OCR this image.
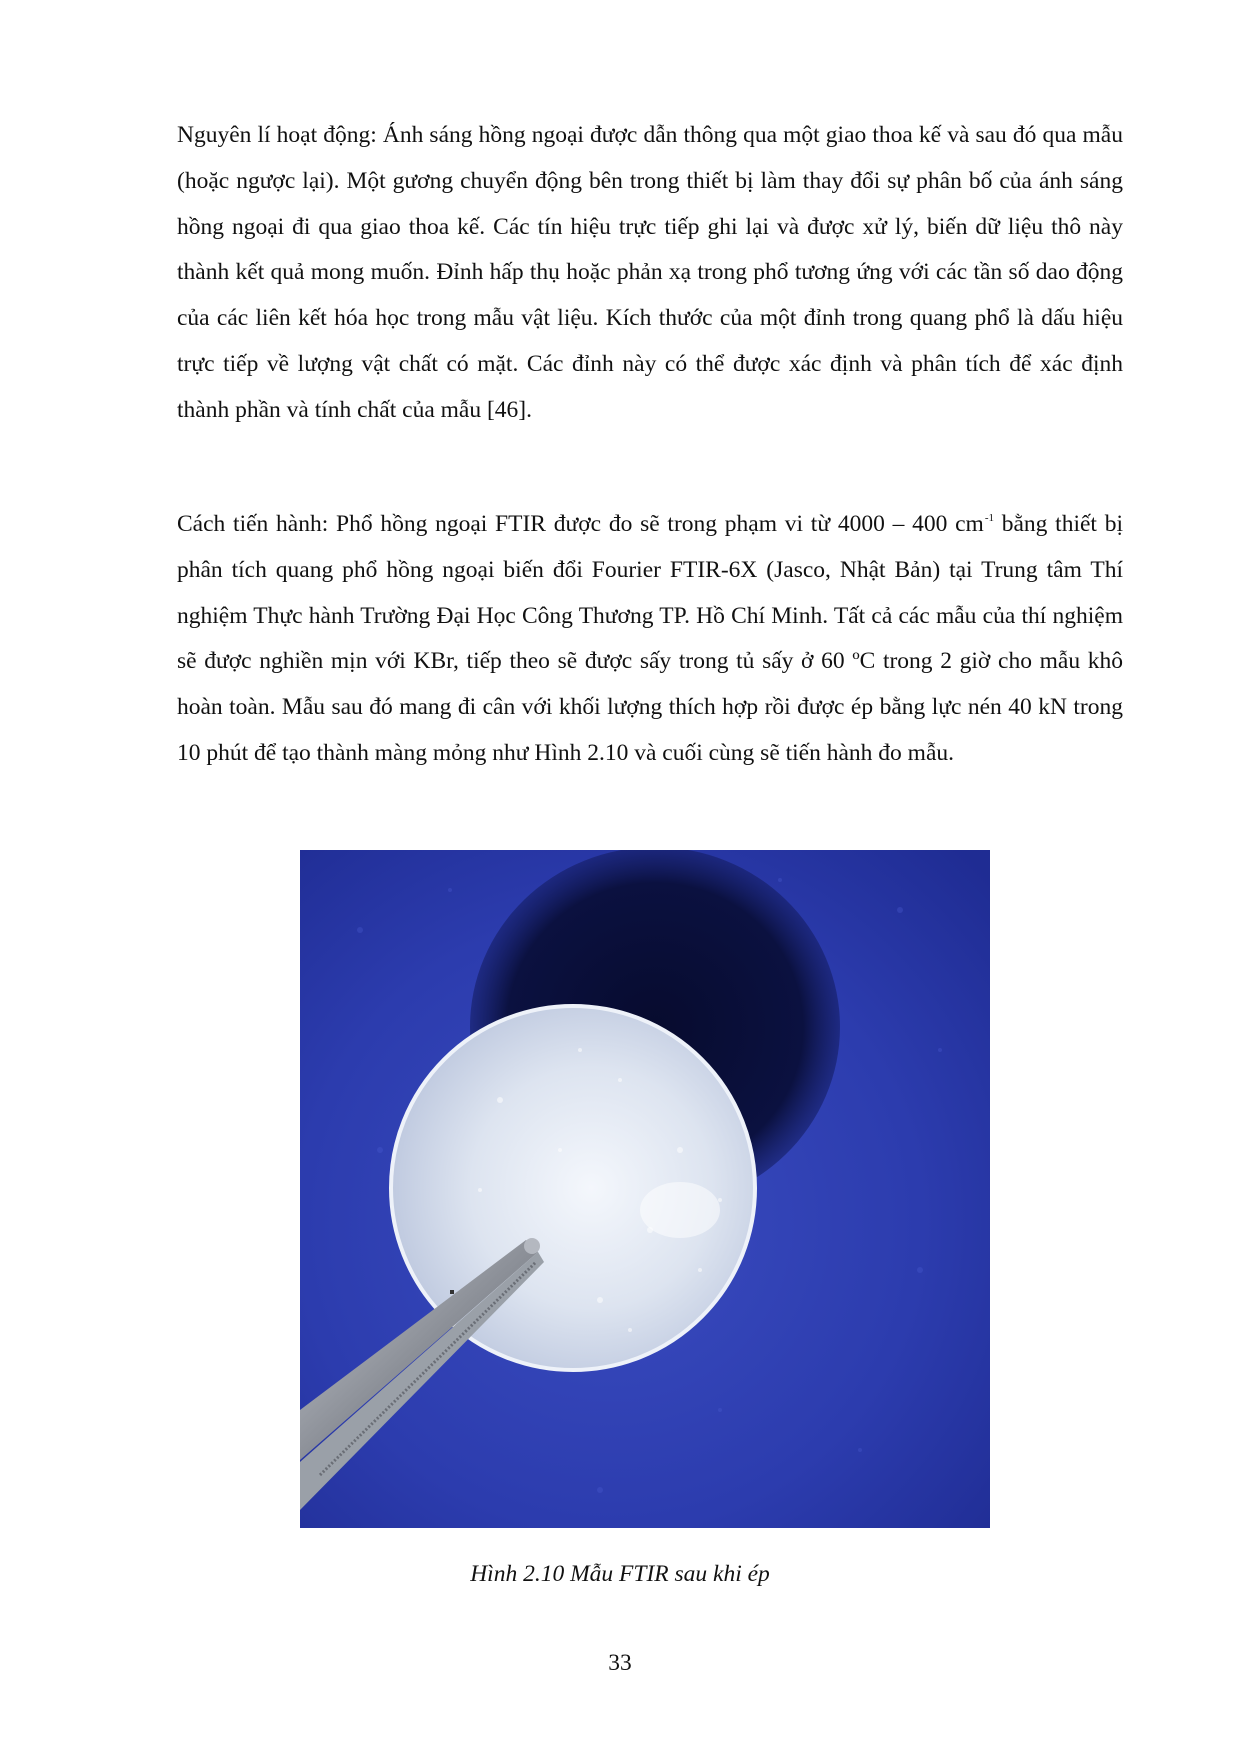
Nguyên lí hoạt động: Ánh sáng hồng ngoại được dẫn thông qua một giao thoa kế và sau đó qua mẫu (hoặc ngược lại). Một gương chuyển động bên trong thiết bị làm thay đổi sự phân bố của ánh sáng hồng ngoại đi qua giao thoa kế. Các tín hiệu trực tiếp ghi lại và được xử lý, biến dữ liệu thô này thành kết quả mong muốn. Đỉnh hấp thụ hoặc phản xạ trong phổ tương ứng với các tần số dao động của các liên kết hóa học trong mẫu vật liệu. Kích thước của một đỉnh trong quang phổ là dấu hiệu trực tiếp về lượng vật chất có mặt. Các đỉnh này có thể được xác định và phân tích để xác định thành phần và tính chất của mẫu [46].

Cách tiến hành: Phổ hồng ngoại FTIR được đo sẽ trong phạm vi từ 4000 – 400 $cm^{-1}$ bằng thiết bị phân tích quang phổ hồng ngoại biến đổi Fourier FTIR-6X (Jasco, Nhật Bản) tại Trung tâm Thí nghiệm Thực hành Trường Đại Học Công Thương TP. Hồ Chí Minh. Tất cả các mẫu của thí nghiệm sẽ được nghiền mịn với KBr, tiếp theo sẽ được sấy trong tủ sấy ở 60 ºC trong 2 giờ cho mẫu khô hoàn toàn. Mẫu sau đó mang đi cân với khối lượng thích hợp rồi được ép bằng lực nén 40 kN trong 10 phút để tạo thành màng mỏng như Hình 2.10 và cuối cùng sẽ tiến hành đo mẫu.

Hình 2.10 Mẫu FTIR sau khi ép

33
